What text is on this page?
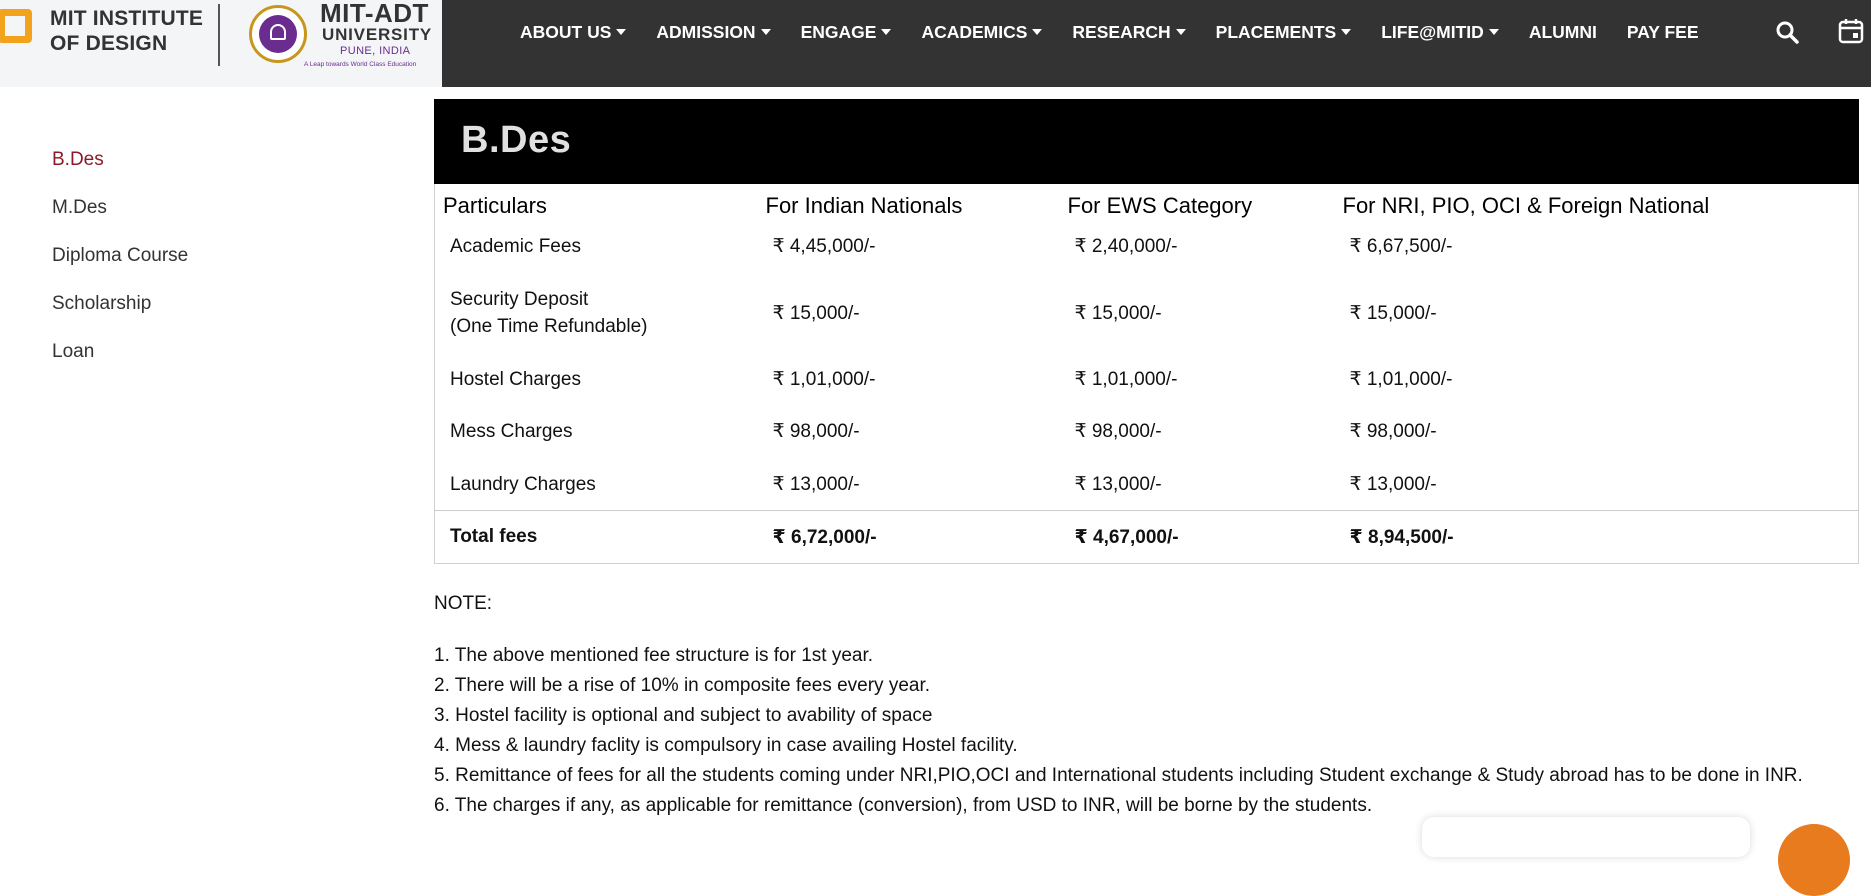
MIT INSTITUTE
OF DESIGN
MIT-ADT
UNIVERSITY
PUNE, INDIA
A Leap towards World Class Education
ABOUT US	ADMISSION	ENGAGE	ACADEMICS	RESEARCH	PLACEMENTS	LIFE@MITID	ALUMNI PAY FEE
B.Des
M.Des
Diploma Course
Scholarship
Loan
B.Des
Particulars	For Indian Nationals	For EWS Category	For NRI, PIO, OCI & Foreign National
Academic Fees	₹ 4,45,000/-	₹ 2,40,000/-	₹ 6,67,500/-
Security Deposit
(One Time Refundable)	₹ 15,000/-	₹ 15,000/-	₹ 15,000/-
Hostel Charges	₹ 1,01,000/-	₹ 1,01,000/-	₹ 1,01,000/-
Mess Charges	₹ 98,000/-	₹ 98,000/-	₹ 98,000/-
Laundry Charges	₹ 13,000/-	₹ 13,000/-	₹ 13,000/-
Total fees	₹ 6,72,000/-	₹ 4,67,000/-	₹ 8,94,500/-
NOTE:
1. The above mentioned fee structure is for 1st year.
2. There will be a rise of 10% in composite fees every year.
3. Hostel facility is optional and subject to avability of space
4. Mess & laundry faclity is compulsory in case availing Hostel facility.
5. Remittance of fees for all the students coming under NRI,PIO,OCI and International students including Student exchange & Study abroad has to be done in INR.
6. The charges if any, as applicable for remittance (conversion), from USD to INR, will be borne by the students.
